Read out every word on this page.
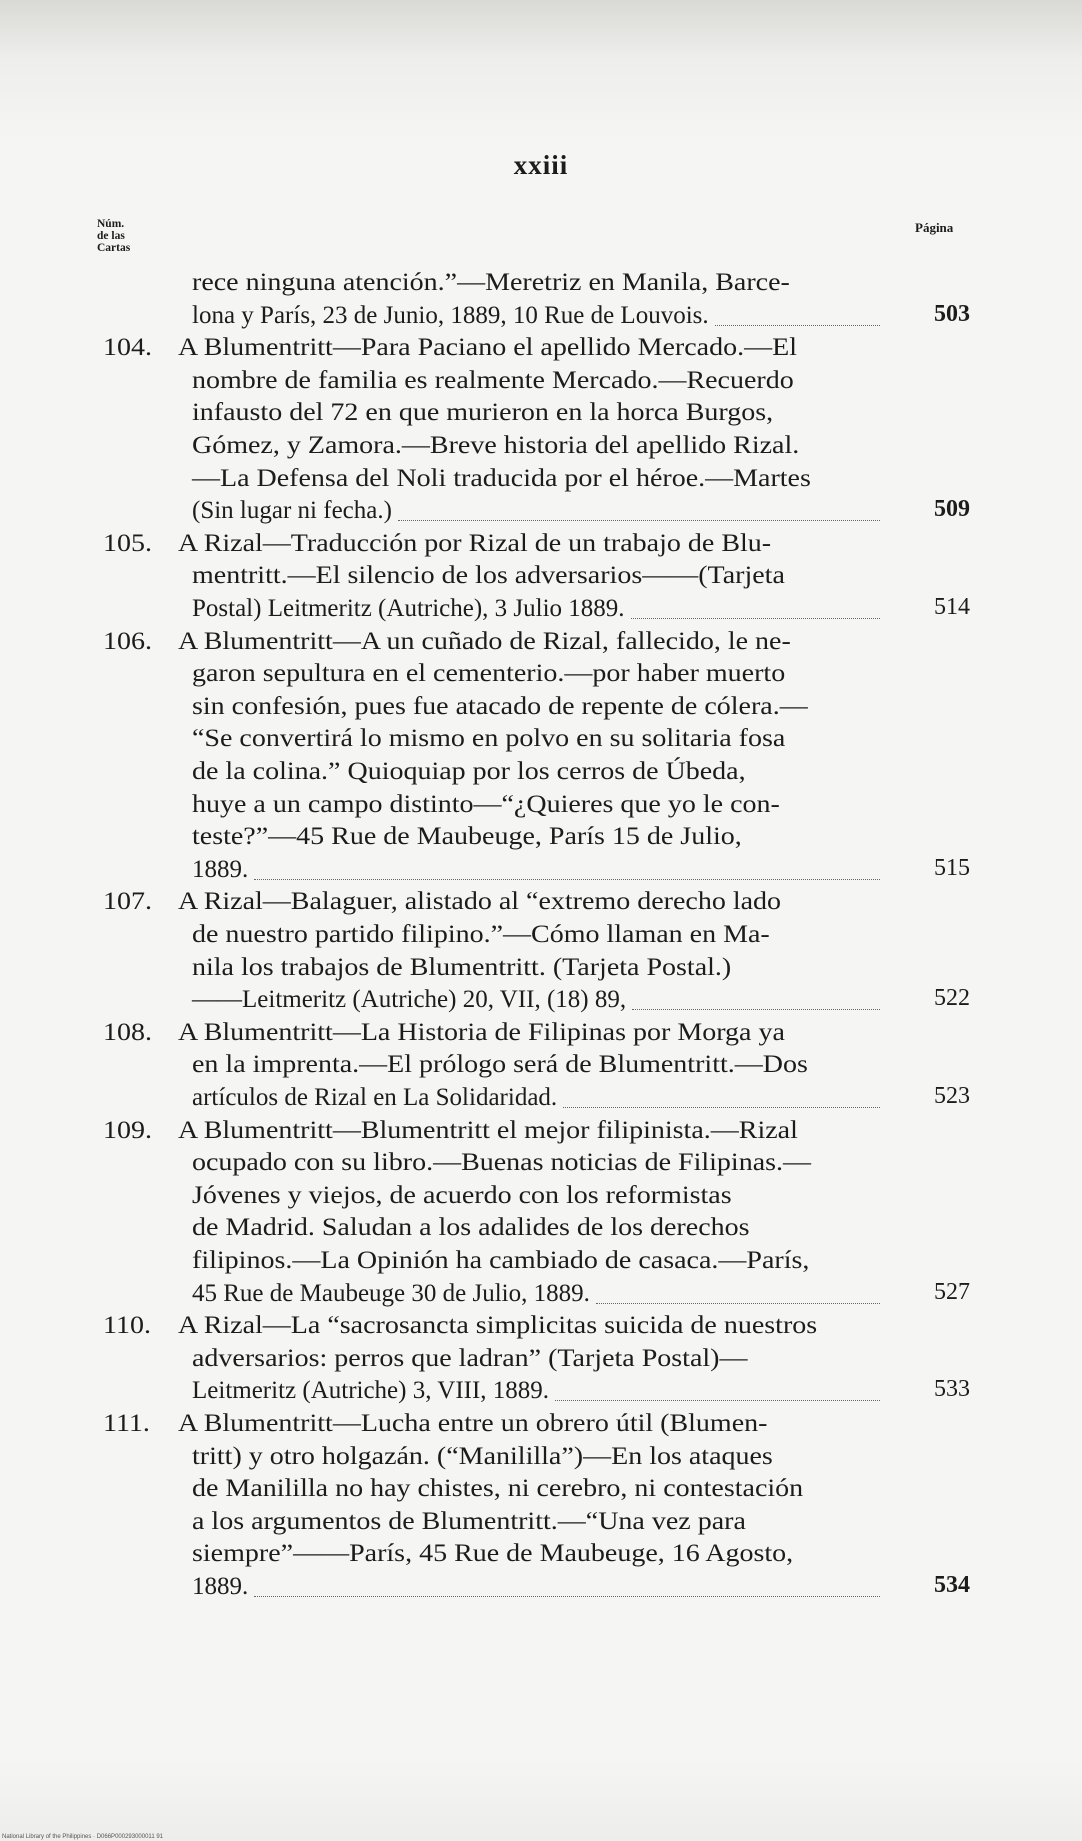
xxiii
Núm.
de las
Cartas
Página
rece ninguna atención.”—Meretriz en Manila, Barce-
lona y París, 23 de Junio, 1889, 10 Rue de Louvois.	503
104. A Blumentritt—Para Paciano el apellido Mercado.—El
nombre de familia es realmente Mercado.—Recuerdo
infausto del 72 en que murieron en la horca Burgos,
Gómez, y Zamora.—Breve historia del apellido Rizal.
—La Defensa del Noli traducida por el héroe.—Martes
(Sin lugar ni fecha.)	509
105. A Rizal—Traducción por Rizal de un trabajo de Blu-
mentritt.—El silencio de los adversarios——(Tarjeta
Postal) Leitmeritz (Autriche), 3 Julio 1889.	514
106. A Blumentritt—A un cuñado de Rizal, fallecido, le ne-
garon sepultura en el cementerio.—por haber muerto
sin confesión, pues fue atacado de repente de cólera.—
“Se convertirá lo mismo en polvo en su solitaria fosa
de la colina.” Quioquiap por los cerros de Úbeda,
huye a un campo distinto—“¿Quieres que yo le con-
teste?”—45 Rue de Maubeuge, París 15 de Julio,
1889.	515
107. A Rizal—Balaguer, alistado al “extremo derecho lado
de nuestro partido filipino.”—Cómo llaman en Ma-
nila los trabajos de Blumentritt. (Tarjeta Postal.)
——Leitmeritz (Autriche) 20, VII, (18) 89,	522
108. A Blumentritt—La Historia de Filipinas por Morga ya
en la imprenta.—El prólogo será de Blumentritt.—Dos
artículos de Rizal en La Solidaridad.	523
109. A Blumentritt—Blumentritt el mejor filipinista.—Rizal
ocupado con su libro.—Buenas noticias de Filipinas.—
Jóvenes y viejos, de acuerdo con los reformistas
de Madrid. Saludan a los adalides de los derechos
filipinos.—La Opinión ha cambiado de casaca.—París,
45 Rue de Maubeuge 30 de Julio, 1889.	527
110. A Rizal—La “sacrosancta simplicitas suicida de nuestros
adversarios: perros que ladran” (Tarjeta Postal)—
Leitmeritz (Autriche) 3, VIII, 1889.	533
111. A Blumentritt—Lucha entre un obrero útil (Blumen-
tritt) y otro holgazán. (“Manililla”)—En los ataques
de Manililla no hay chistes, ni cerebro, ni contestación
a los argumentos de Blumentritt.—“Una vez para
siempre”——París, 45 Rue de Maubeuge, 16 Agosto,
1889.	534
National Library of the Philippines · D066P000293000011 91
